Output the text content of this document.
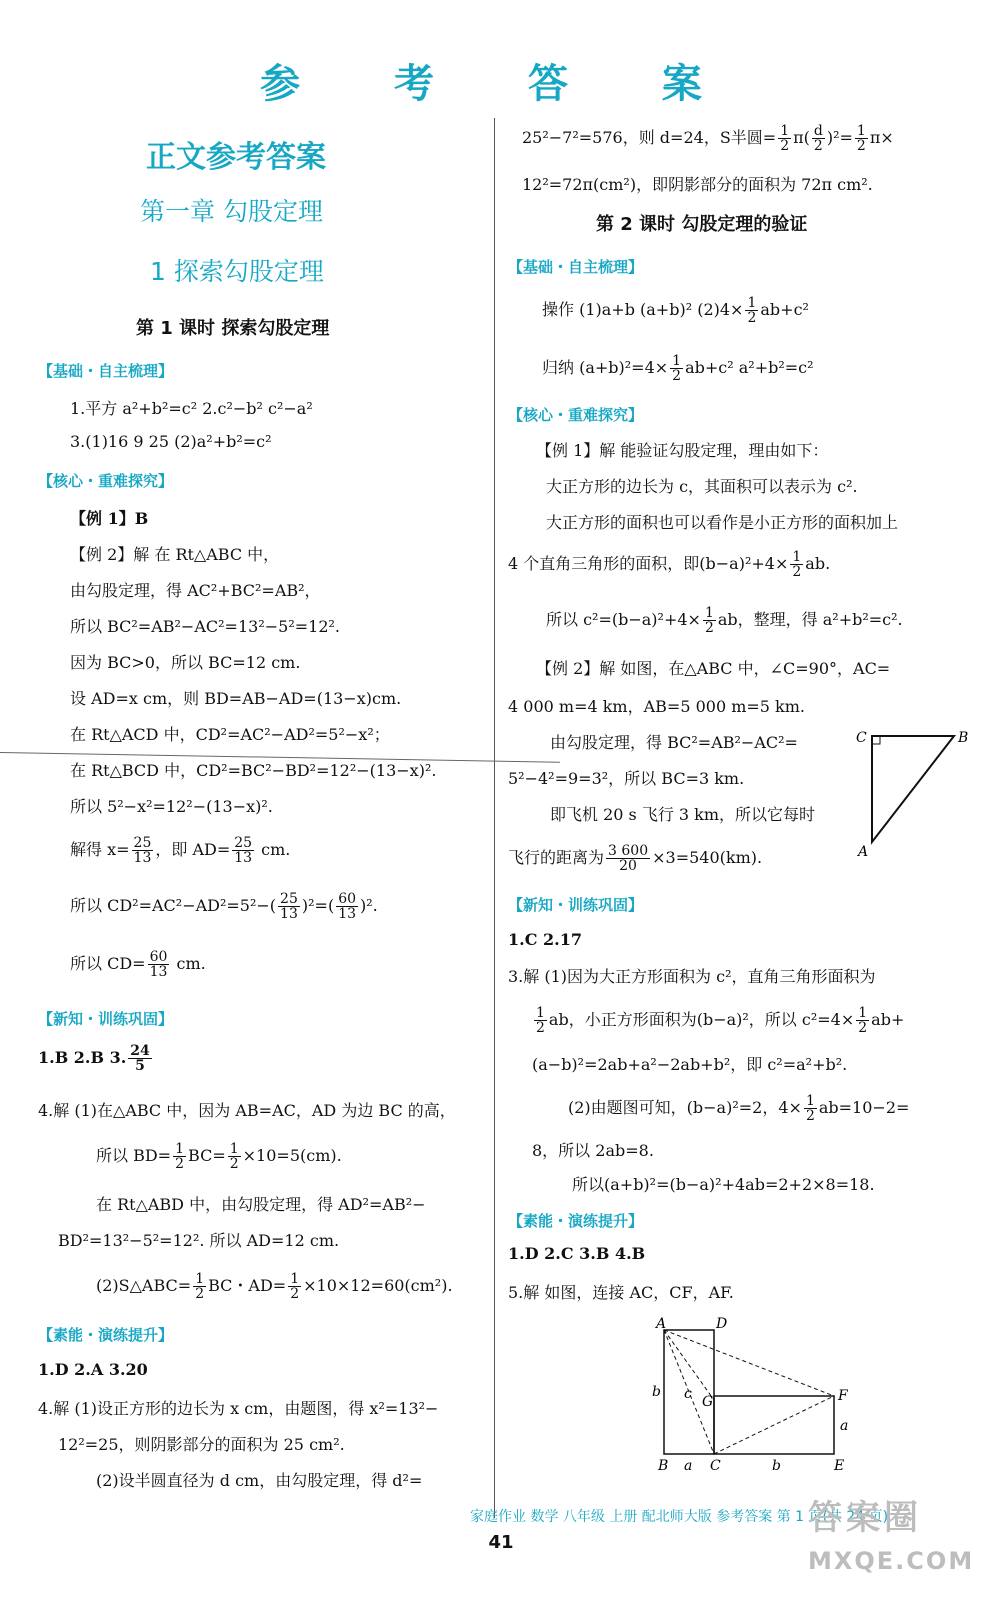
参 考 答 案
正文参考答案
第一章 勾股定理
1 探索勾股定理
第 1 课时 探索勾股定理
【基础・自主梳理】
1.平方 a²+b²=c² 2.c²−b² c²−a²
3.(1)16 9 25 (2)a²+b²=c²
【核心・重难探究】
【例 1】B
【例 2】解 在 Rt△ABC 中，
由勾股定理，得 AC²+BC²=AB²，
所以 BC²=AB²−AC²=13²−5²=12².
因为 BC>0，所以 BC=12 cm.
设 AD=x cm，则 BD=AB−AD=(13−x)cm.
在 Rt△ACD 中，CD²=AC²−AD²=5²−x²；
在 Rt△BCD 中，CD²=BC²−BD²=12²−(13−x)².
所以 5²−x²=12²−(13−x)².
解得 $x= \frac{25}{13}$ ，即 $AD= \frac{25}{13}$ cm.
所以 $CD^2=AC^2-AD^2=5^2-( \frac{25}{13} )^2=( \frac{60}{13} )^2$.
所以 $CD= \frac{60}{13}$ cm.
【新知・训练巩固】
1.B 2.B 3. $\frac{24}{5}$
4.解 (1)在△ABC 中，因为 AB=AC，AD 为边 BC 的高，
所以 $BD= \frac{1}{2} BC= \frac{1}{2} \times 10=5(cm)$.
在 Rt△ABD 中，由勾股定理，得 AD²=AB²−
BD²=13²−5²=12². 所以 AD=12 cm.
(2)S△ABC= $\frac{1}{2}$ BC・$AD= \frac{1}{2} \times 10\times 12=60(cm^2)$.
【素能・演练提升】
1.D 2.A 3.20
4.解 (1)设正方形的边长为 x cm，由题图，得 x²=13²−
12²=25，则阴影部分的面积为 25 cm².
(2)设半圆直径为 d cm，由勾股定理，得 d²=
25²−7²=576，则 d=24，S半圆= $\frac{1}{2} \pi( \frac{d}{2} )^2= \frac{1}{2} \pi\times$
12²=72π(cm²)，即阴影部分的面积为 72π cm².
第 2 课时 勾股定理的验证
【基础・自主梳理】
操作 (1)a+b (a+b)² $(2)4\times \frac{1}{2} ab+c^2$
归纳 $(a+b)^2=4\times \frac{1}{2} ab+c^2$ a²+b²=c²
【核心・重难探究】
【例 1】解 能验证勾股定理，理由如下：
大正方形的边长为 c，其面积可以表示为 c².
大正方形的面积也可以看作是小正方形的面积加上
4 个直角三角形的面积，即$(b-a)^2+4\times \frac{1}{2}$ ab.
所以 $c^2=(b-a)^2+4\times \frac{1}{2}$ ab，整理，得 a²+b²=c².
【例 2】解 如图，在△ABC 中，∠C=90°，AC=
4 000 m=4 km，AB=5 000 m=5 km.
由勾股定理，得 BC²=AB²−AC²=
5²−4²=9=3²，所以 BC=3 km.
即飞机 20 s 飞行 3 km，所以它每时
飞行的距离为 $\frac{3 600}{20} \times 3=540(km)$.
C	B
A
【新知・训练巩固】
1.C 2.17
3.解 (1)因为大正方形面积为 c²，直角三角形面积为
$\frac{1}{2}$ ab，小正方形面积为(b−a)²，所以 $c^2=4\times \frac{1}{2} ab+$
(a−b)²=2ab+a²−2ab+b²，即 c²=a²+b².
(2)由题图可知，(b−a)²=2，$4\times \frac{1}{2} ab=10-2=$
8，所以 2ab=8.
所以(a+b)²=(b−a)²+4ab=2+2×8=18.
【素能・演练提升】
1.D 2.C 3.B 4.B
5.解 如图，连接 AC，CF，AF.
A	D
b c G	F
a
B a C	b	E
家庭作业 数学 八年级 上册 配北师大版 参考答案 第 1 页(共 24 页)
41
答案圈
MXQE.COM
